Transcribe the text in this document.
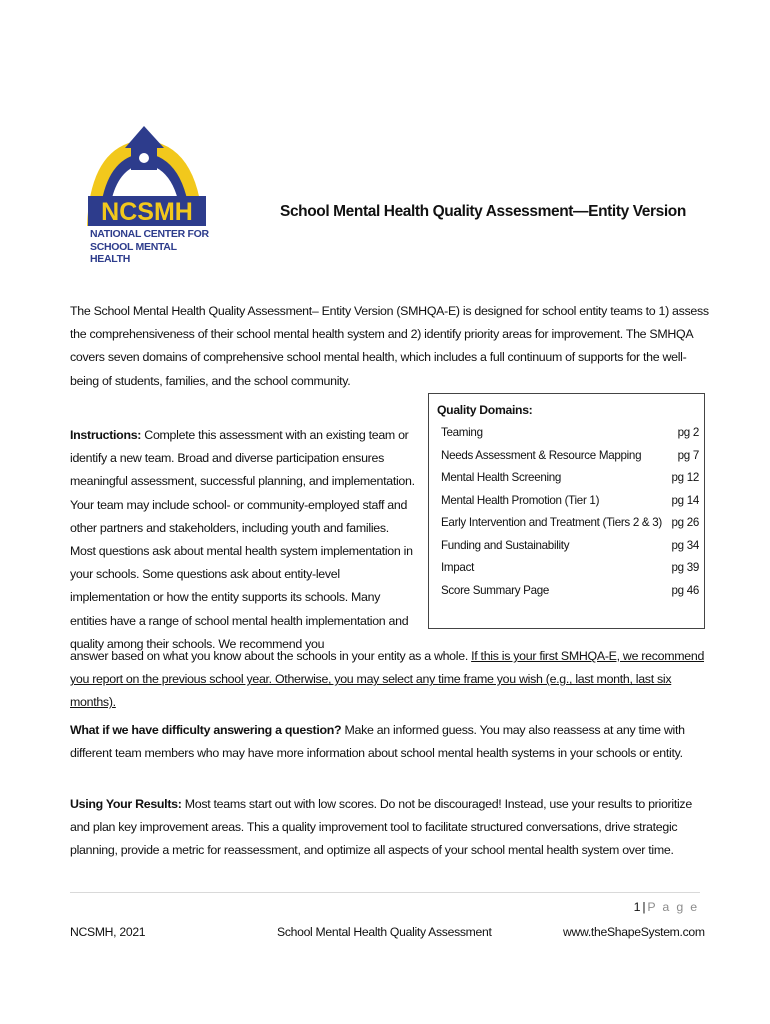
NCSMH
NATIONAL CENTER FOR
SCHOOL MENTAL HEALTH
School Mental Health Quality Assessment—Entity Version
The School Mental Health Quality Assessment– Entity Version (SMHQA-E) is designed for school entity teams to 1) assess the comprehensiveness of their school mental health system and 2) identify priority areas for improvement. The SMHQA covers seven domains of comprehensive school mental health, which includes a full continuum of supports for the well-being of students, families, and the school community.
Instructions: Complete this assessment with an existing team or identify a new team. Broad and diverse participation ensures meaningful assessment, successful planning, and implementation. Your team may include school- or community-employed staff and other partners and stakeholders, including youth and families. Most questions ask about mental health system implementation in your schools. Some questions ask about entity-level implementation or how the entity supports its schools. Many entities have a range of school mental health implementation and quality among their schools. We recommend you
answer based on what you know about the schools in your entity as a whole. If this is your first SMHQA-E, we recommend you report on the previous school year. Otherwise, you may select any time frame you wish (e.g., last month, last six months).
Quality Domains:
Teaming	pg 2
Needs Assessment & Resource Mapping	pg 7
Mental Health Screening	pg 12
Mental Health Promotion (Tier 1)	pg 14
Early Intervention and Treatment (Tiers 2 & 3) pg 26
Funding and Sustainability	pg 34
Impact	pg 39
Score Summary Page	pg 46
What if we have difficulty answering a question? Make an informed guess. You may also reassess at any time with different team members who may have more information about school mental health systems in your schools or entity.
Using Your Results: Most teams start out with low scores. Do not be discouraged! Instead, use your results to prioritize and plan key improvement areas. This a quality improvement tool to facilitate structured conversations, drive strategic planning, provide a metric for reassessment, and optimize all aspects of your school mental health system over time.
1 | P a g e
NCSMH, 2021	School Mental Health Quality Assessment	www.theShapeSystem.com
